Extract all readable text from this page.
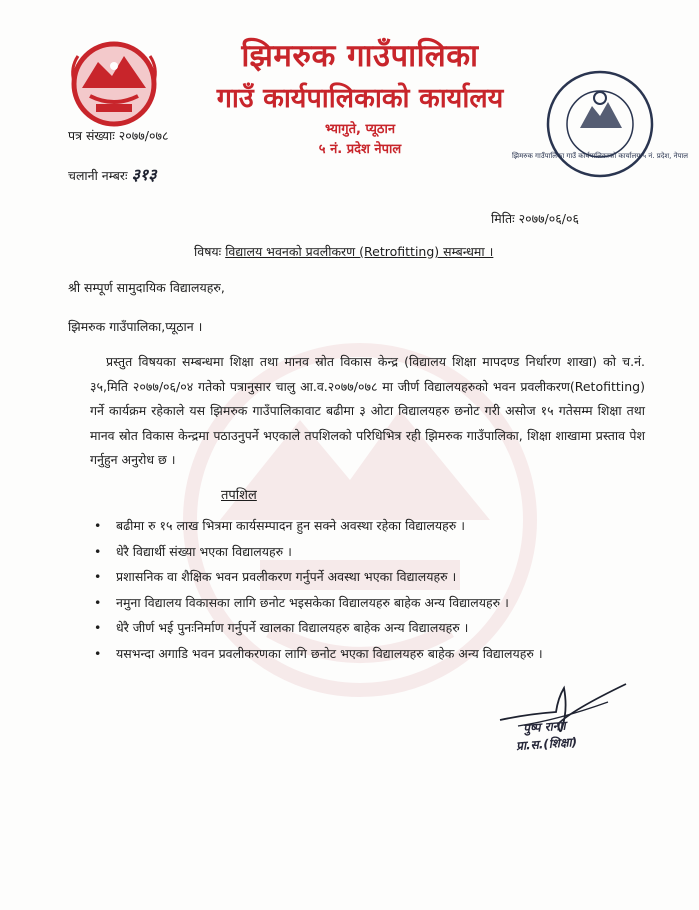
झिमरुक गाउँपालिका गाउँ कार्यपालिकाको कार्यालय ५ नं. प्रदेश, नेपाल
झिमरुक गाउँपालिका
गाउँ कार्यपालिकाको कार्यालय
भ्यागुते, प्यूठान
५ नं. प्रदेश नेपाल
पत्र संख्याः २०७७/०७८
चलानी नम्बरः ३१३
मितिः २०७७/०६/०६
विषयः विद्यालय भवनको प्रवलीकरण (Retrofitting) सम्बन्धमा ।
श्री सम्पूर्ण सामुदायिक विद्यालयहरु,
झिमरुक गाउँपालिका,प्यूठान ।
प्रस्तुत विषयका सम्बन्धमा शिक्षा तथा मानव स्रोत विकास केन्द्र (विद्यालय शिक्षा मापदण्ड निर्धारण शाखा) को च.नं. ३५,मिति २०७७/०६/०४ गतेको पत्रानुसार चालु आ.व.२०७७/०७८ मा जीर्ण विद्यालयहरुको भवन प्रवलीकरण(Retofitting) गर्ने कार्यक्रम रहेकाले यस झिमरुक गाउँपालिकावाट बढीमा ३ ओटा विद्यालयहरु छनोट गरी असोज १५ गतेसम्म शिक्षा तथा मानव स्रोत विकास केन्द्रमा पठाउनुपर्ने भएकाले तपशिलको परिधिभित्र रही झिमरुक गाउँपालिका, शिक्षा शाखामा प्रस्ताव पेश गर्नुहुन अनुरोध छ ।
तपशिल
• बढीमा रु १५ लाख भित्रमा कार्यसम्पादन हुन सक्ने अवस्था रहेका विद्यालयहरु ।
• धेरै विद्यार्थी संख्या भएका विद्यालयहरु ।
• प्रशासनिक वा शैक्षिक भवन प्रवलीकरण गर्नुपर्ने अवस्था भएका विद्यालयहरु ।
• नमुना विद्यालय विकासका लागि छनोट भइसकेका विद्यालयहरु बाहेक अन्य विद्यालयहरु ।
• धेरै जीर्ण भई पुनःनिर्माण गर्नुपर्ने खालका विद्यालयहरु बाहेक अन्य विद्यालयहरु ।
• यसभन्दा अगाडि भवन प्रवलीकरणका लागि छनोट भएका विद्यालयहरु बाहेक अन्य विद्यालयहरु ।
पुष्प रानाा
प्रा.स.(शिक्षा)
